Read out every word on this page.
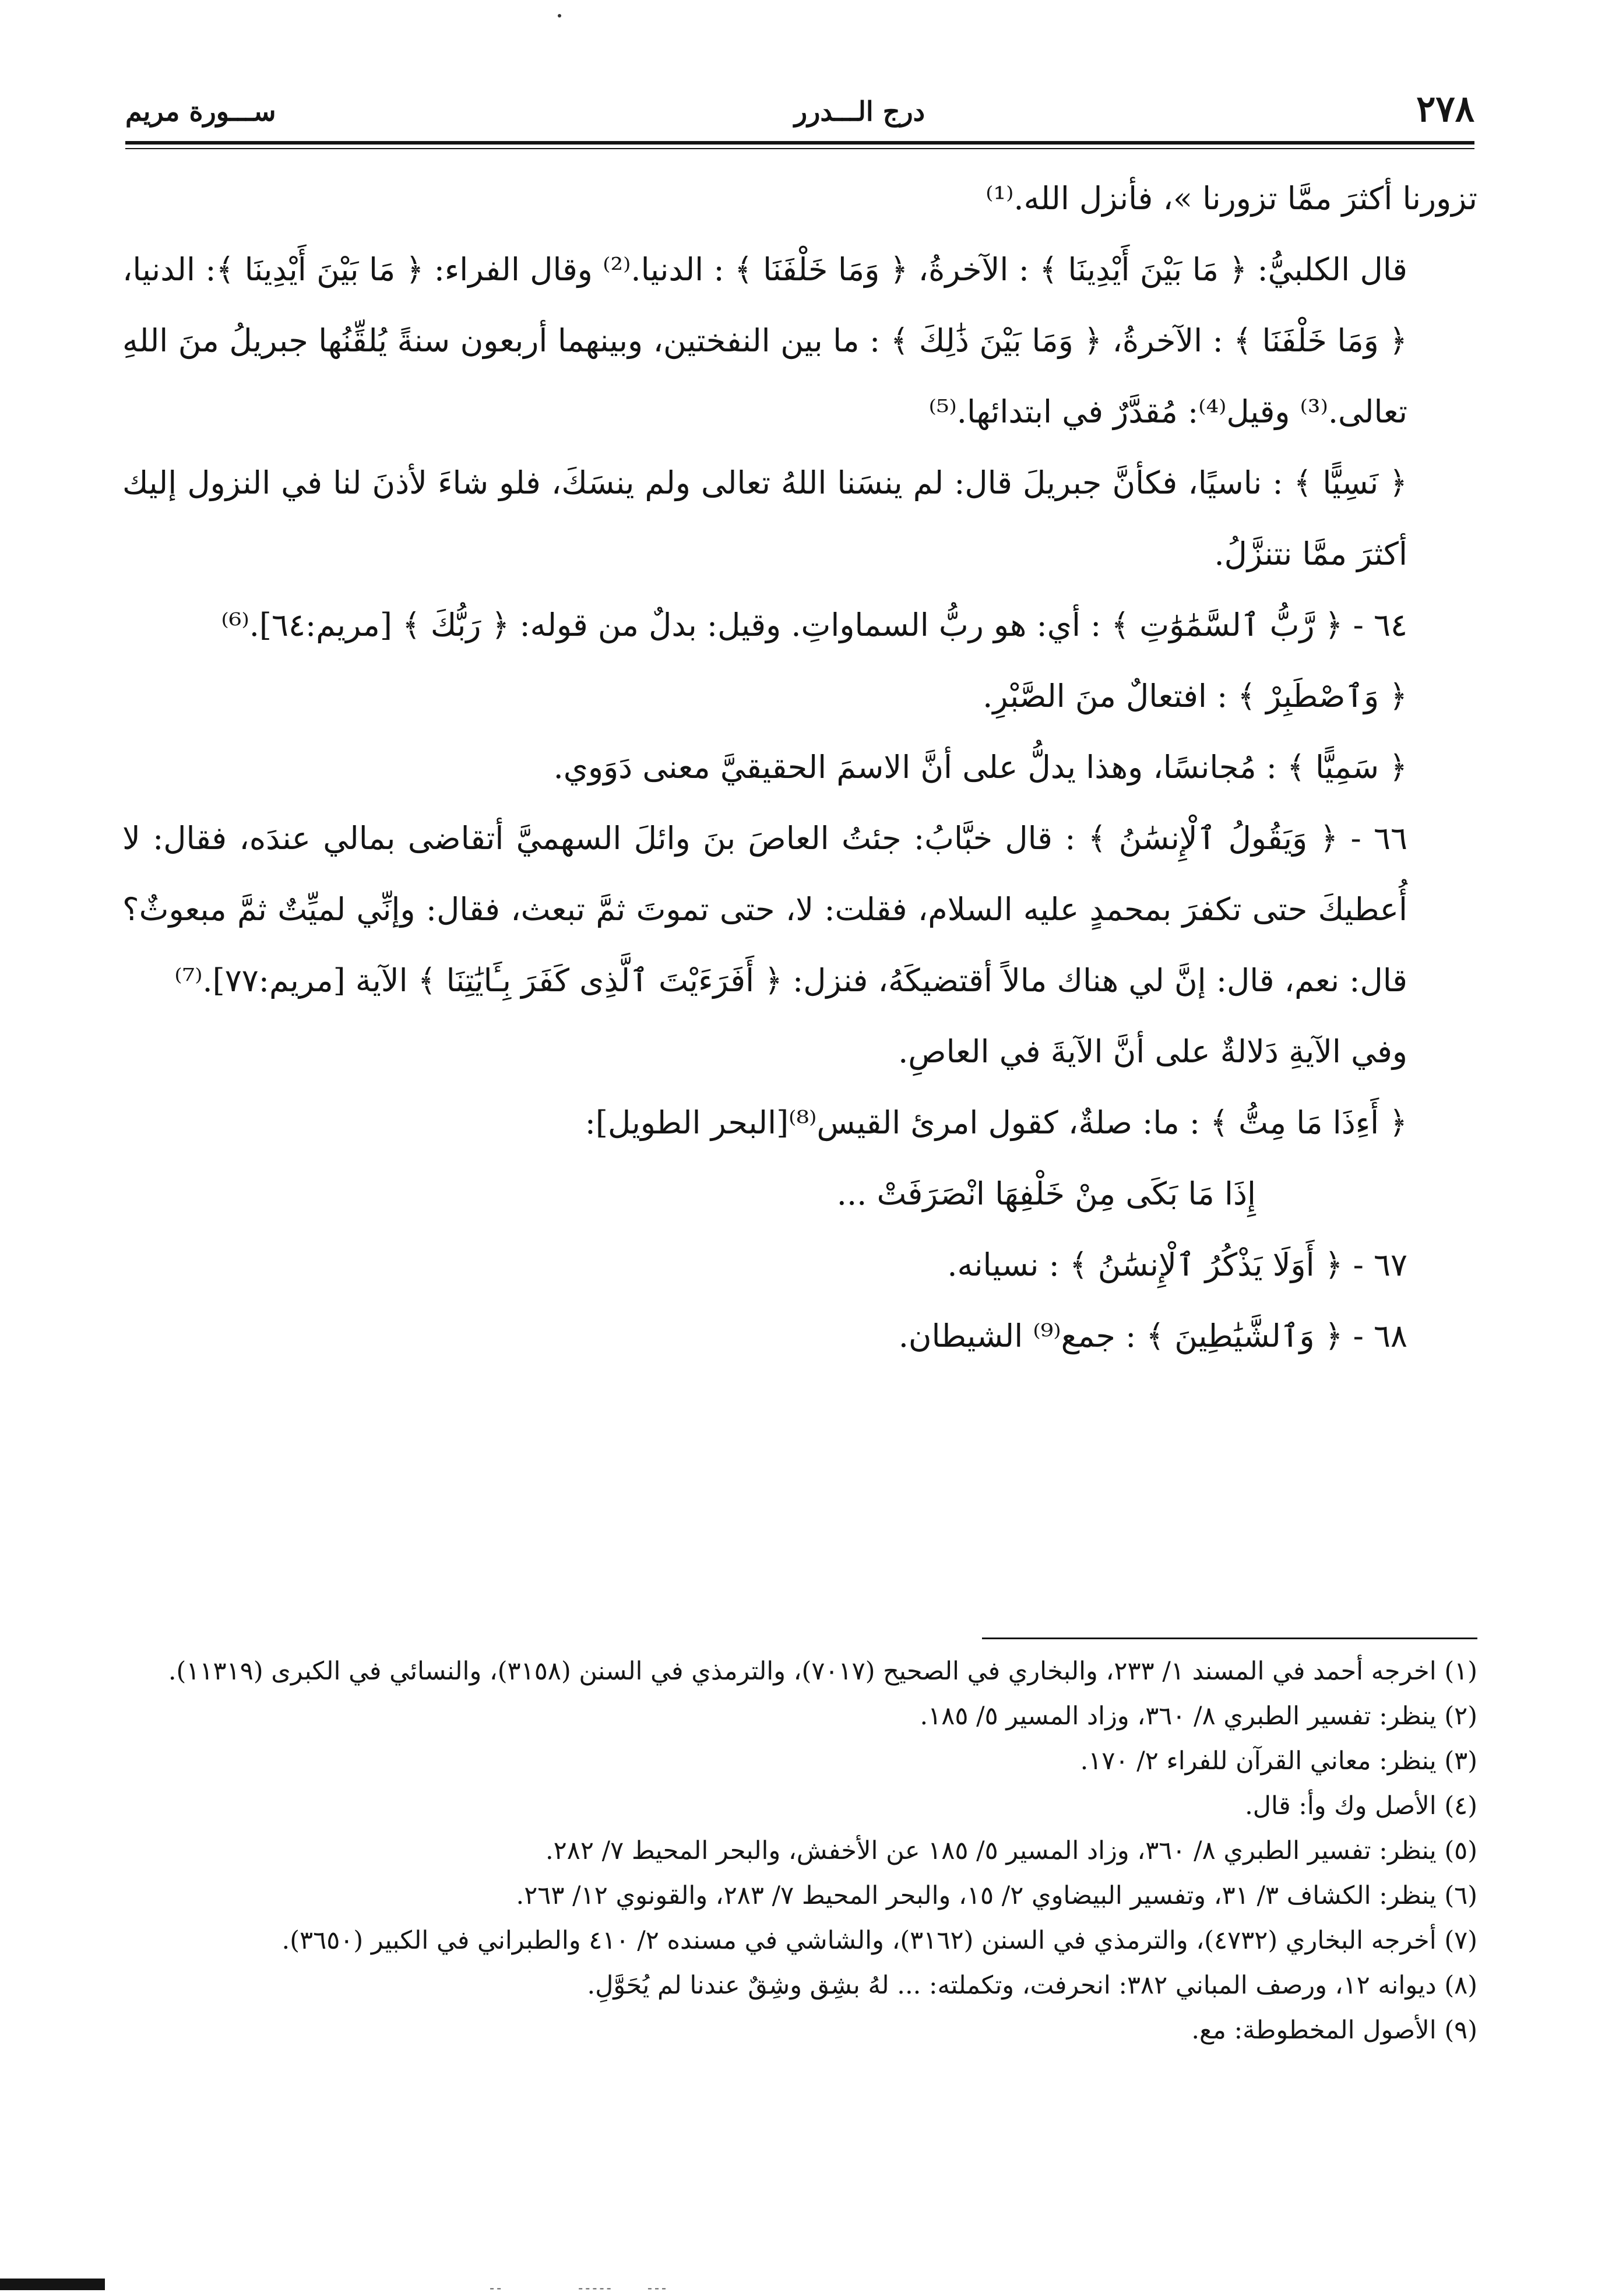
٢٧٨
درج الـــدرر
ســـورة مريم

تزورنا أكثرَ ممَّا تزورنا »، فأنزل الله.⁽¹⁾

قال الكلبيُّ: ﴿ مَا بَيْنَ أَيْدِينَا ﴾ : الآخرةُ، ﴿ وَمَا خَلْفَنَا ﴾ : الدنيا.⁽²⁾ وقال الفراء: ﴿ مَا بَيْنَ أَيْدِينَا ﴾: الدنيا، ﴿ وَمَا خَلْفَنَا ﴾ : الآخرةُ، ﴿ وَمَا بَيْنَ ذَٰلِكَ ﴾ : ما بين النفختين، وبينهما أربعون سنةً يُلقِّنُها جبريلُ منَ اللهِ تعالى.⁽³⁾ وقيل⁽⁴⁾: مُقدَّرٌ في ابتدائها.⁽⁵⁾

﴿ نَسِيًّا ﴾ : ناسيًا، فكأنَّ جبريلَ قال: لم ينسَنا اللهُ تعالى ولم ينسَكَ، فلو شاءَ لأذنَ لنا في النزول إليك أكثرَ ممَّا نتنزَّلُ.

٦٤ - ﴿ رَّبُّ ٱلسَّمَٰوَٰتِ ﴾ : أي: هو ربُّ السماواتِ. وقيل: بدلٌ من قوله: ﴿ رَبُّكَ ﴾ [مريم:٦٤].⁽⁶⁾

﴿ وَٱصْطَبِرْ ﴾ : افتعالٌ منَ الصَّبْرِ.

﴿ سَمِيًّا ﴾ : مُجانسًا، وهذا يدلُّ على أنَّ الاسمَ الحقيقيَّ معنى دَوَوي.

٦٦ - ﴿ وَيَقُولُ ٱلْإِنسَٰنُ ﴾ : قال خبَّابُ: جئتُ العاصَ بنَ وائلَ السهميَّ أتقاضى بمالي عندَه، فقال: لا أُعطيكَ حتى تكفرَ بمحمدٍ عليه السلام، فقلت: لا، حتى تموتَ ثمَّ تبعث، فقال: وإنِّي لميِّتٌ ثمَّ مبعوثٌ؟ قال: نعم، قال: إنَّ لي هناك مالاً أقتضيكَهُ، فنزل: ﴿ أَفَرَءَيْتَ ٱلَّذِى كَفَرَ بِـَٔايَٰتِنَا ﴾ الآية [مريم:٧٧].⁽⁷⁾

وفي الآيةِ دَلالةٌ على أنَّ الآيةَ في العاصِ.

﴿ أَءِذَا مَا مِتُّ ﴾ : ما: صلةٌ، كقول امرئ القيس⁽⁸⁾[البحر الطويل]:

إِذَا مَا بَكَى مِنْ خَلْفِهَا انْصَرَفَتْ ...

٦٧ - ﴿ أَوَلَا يَذْكُرُ ٱلْإِنسَٰنُ ﴾ : نسيانه.

٦٨ - ﴿ وَٱلشَّيَٰطِينَ ﴾ : جمع⁽⁹⁾ الشيطان.

(١) اخرجه أحمد في المسند ١/ ٢٣٣، والبخاري في الصحيح (٧٠١٧)، والترمذي في السنن (٣١٥٨)، والنسائي في الكبرى (١١٣١٩).

(٢) ينظر: تفسير الطبري ٨/ ٣٦٠، وزاد المسير ٥/ ١٨٥.

(٣) ينظر: معاني القرآن للفراء ٢/ ١٧٠.

(٤) الأصل وك وأ: قال.

(٥) ينظر: تفسير الطبري ٨/ ٣٦٠، وزاد المسير ٥/ ١٨٥ عن الأخفش، والبحر المحيط ٧/ ٢٨٢.

(٦) ينظر: الكشاف ٣/ ٣١، وتفسير البيضاوي ٢/ ١٥، والبحر المحيط ٧/ ٢٨٣، والقونوي ١٢/ ٢٦٣.

(٧) أخرجه البخاري (٤٧٣٢)، والترمذي في السنن (٣١٦٢)، والشاشي في مسنده ٢/ ٤١٠ والطبراني في الكبير (٣٦٥٠).

(٨) ديوانه ١٢، ورصف المباني ٣٨٢: انحرفت، وتكملته: ... لهُ بشِق وشِقٌ عندنا لم يُحَوَّلِ.

(٩) الأصول المخطوطة: مع.

---     -----           --
